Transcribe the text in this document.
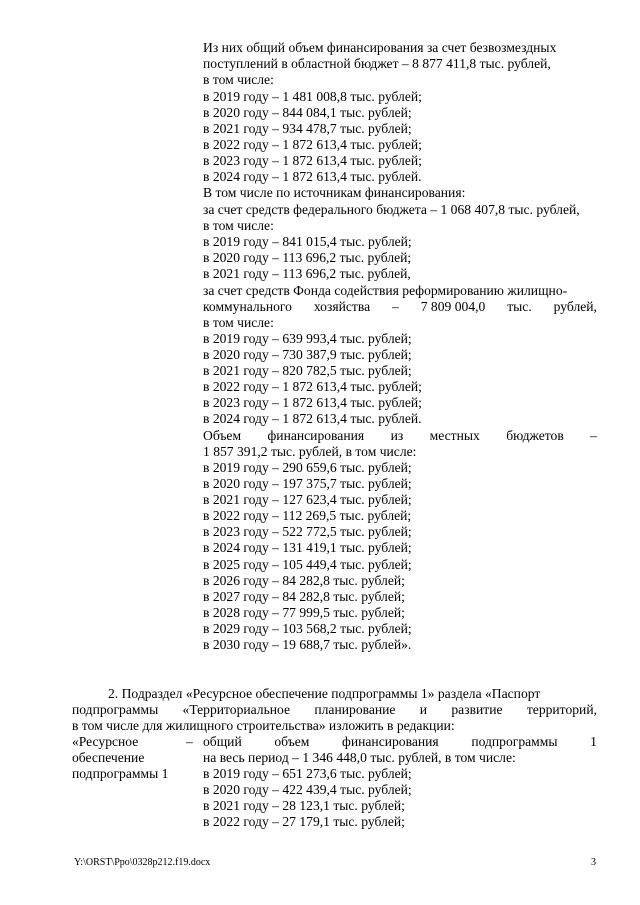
Из них общий объем финансирования за счет безвозмездных
поступлений в областной бюджет – 8 877 411,8 тыс. рублей,
в том числе:
в 2019 году – 1 481 008,8 тыс. рублей;
в 2020 году – 844 084,1 тыс. рублей;
в 2021 году – 934 478,7 тыс. рублей;
в 2022 году – 1 872 613,4 тыс. рублей;
в 2023 году – 1 872 613,4 тыс. рублей;
в 2024 году – 1 872 613,4 тыс. рублей.
В том числе по источникам финансирования:
за счет средств федерального бюджета – 1 068 407,8 тыс. рублей,
в том числе:
в 2019 году – 841 015,4 тыс. рублей;
в 2020 году – 113 696,2 тыс. рублей;
в 2021 году – 113 696,2 тыс. рублей,
за счет средств Фонда содействия реформированию жилищно-
коммунального хозяйства – 7 809 004,0 тыс. рублей,
в том числе:
в 2019 году – 639 993,4 тыс. рублей;
в 2020 году – 730 387,9 тыс. рублей;
в 2021 году – 820 782,5 тыс. рублей;
в 2022 году – 1 872 613,4 тыс. рублей;
в 2023 году – 1 872 613,4 тыс. рублей;
в 2024 году – 1 872 613,4 тыс. рублей.
Объем финансирования из местных бюджетов –
1 857 391,2 тыс. рублей, в том числе:
в 2019 году – 290 659,6 тыс. рублей;
в 2020 году – 197 375,7 тыс. рублей;
в 2021 году – 127 623,4 тыс. рублей;
в 2022 году – 112 269,5 тыс. рублей;
в 2023 году – 522 772,5 тыс. рублей;
в 2024 году – 131 419,1 тыс. рублей;
в 2025 году – 105 449,4 тыс. рублей;
в 2026 году – 84 282,8 тыс. рублей;
в 2027 году – 84 282,8 тыс. рублей;
в 2028 году – 77 999,5 тыс. рублей;
в 2029 году – 103 568,2 тыс. рублей;
в 2030 году – 19 688,7 тыс. рублей».
2. Подраздел «Ресурсное обеспечение подпрограммы 1» раздела «Паспорт
подпрограммы «Территориальное планирование и развитие территорий,
в том числе для жилищного строительства» изложить в редакции:
«Ресурсное
обеспечение
подпрограммы 1
– общий объем финансирования подпрограммы 1
на весь период – 1 346 448,0 тыс. рублей, в том числе:
в 2019 году – 651 273,6 тыс. рублей;
в 2020 году – 422 439,4 тыс. рублей;
в 2021 году – 28 123,1 тыс. рублей;
в 2022 году – 27 179,1 тыс. рублей;
Y:\ORST\Ppo\0328p212.f19.docx	3
